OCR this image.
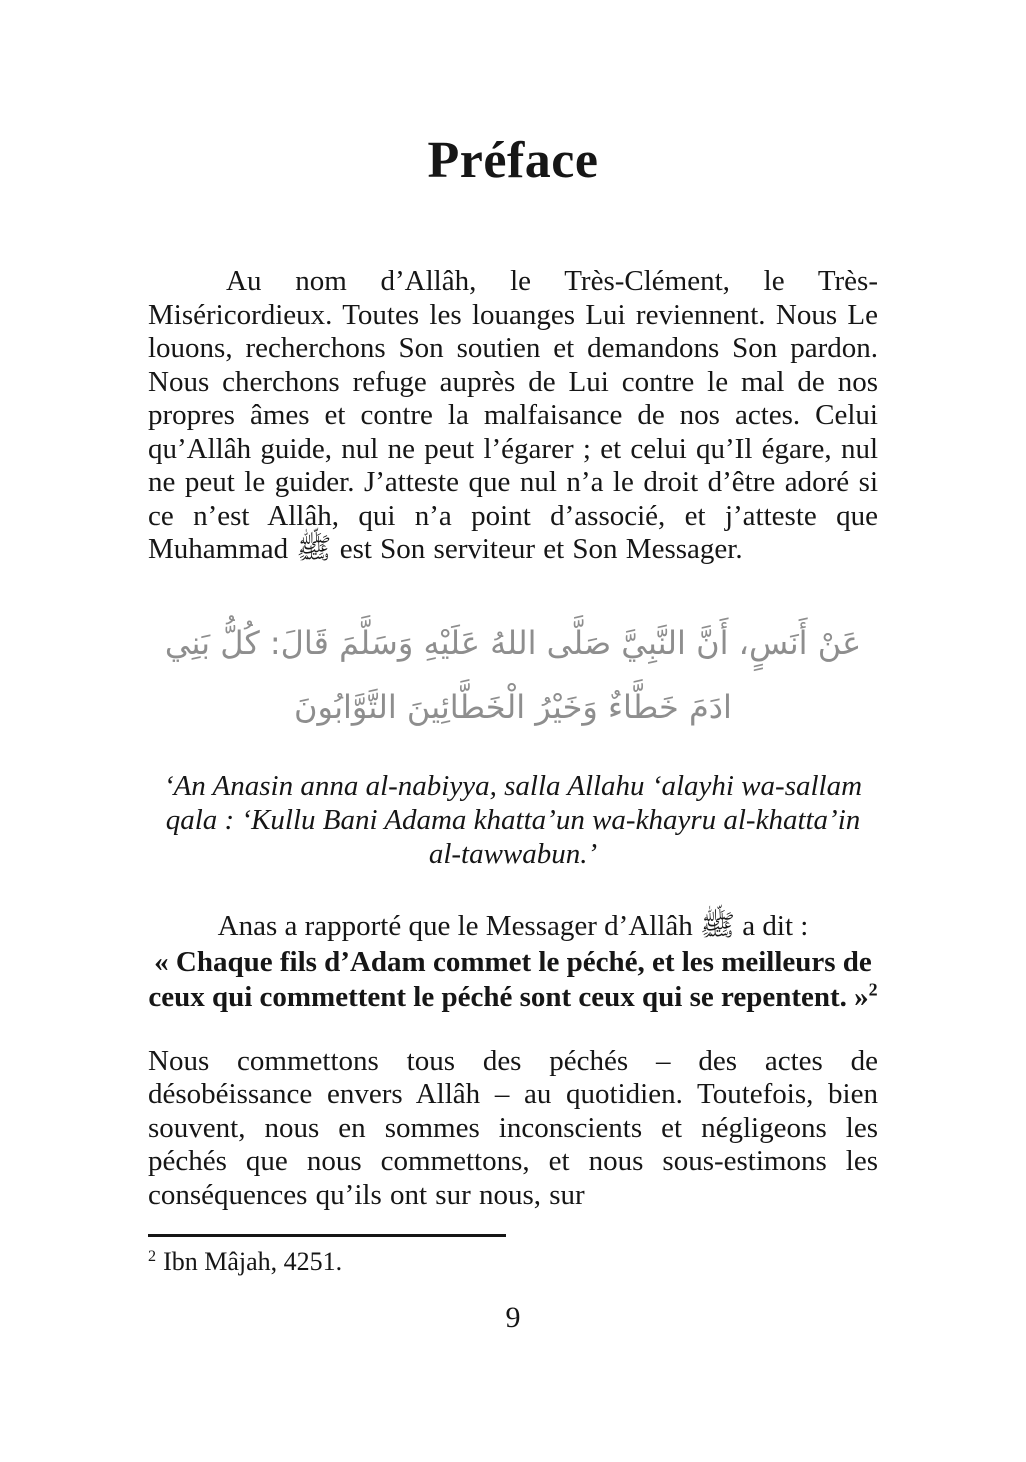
Préface

Au nom d’Allâh, le Très-Clément, le Très-Miséricordieux. Toutes les louanges Lui reviennent. Nous Le louons, recherchons Son soutien et demandons Son pardon. Nous cherchons refuge auprès de Lui contre le mal de nos propres âmes et contre la malfaisance de nos actes. Celui qu’Allâh guide, nul ne peut l’égarer ; et celui qu’Il égare, nul ne peut le guider. J’atteste que nul n’a le droit d’être adoré si ce n’est Allâh, qui n’a point d’associé, et j’atteste que Muhammad ﷺ est Son serviteur et Son Messager.

عَنْ أَنَسٍ، أَنَّ النَّبِيَّ صَلَّى اللهُ عَلَيْهِ وَسَلَّمَ قَالَ: كُلُّ بَنِي ادَمَ خَطَّاءٌ وَخَيْرُ الْخَطَّائِينَ التَّوَّابُونَ

‘An Anasin anna al-nabiyya, salla Allahu ‘alayhi wa-sallam qala : ‘Kullu Bani Adama khatta’un wa-khayru al-khatta’in al-tawwabun.’

Anas a rapporté que le Messager d’Allâh ﷺ a dit :

« Chaque fils d’Adam commet le péché, et les meilleurs de ceux qui commettent le péché sont ceux qui se repentent. »$^2$

Nous commettons tous des péchés – des actes de désobéissance envers Allâh – au quotidien. Toutefois, bien souvent, nous en sommes inconscients et négligeons les péchés que nous commettons, et nous sous-estimons les conséquences qu’ils ont sur nous, sur

$^2$ Ibn Mâjah, 4251.

9
